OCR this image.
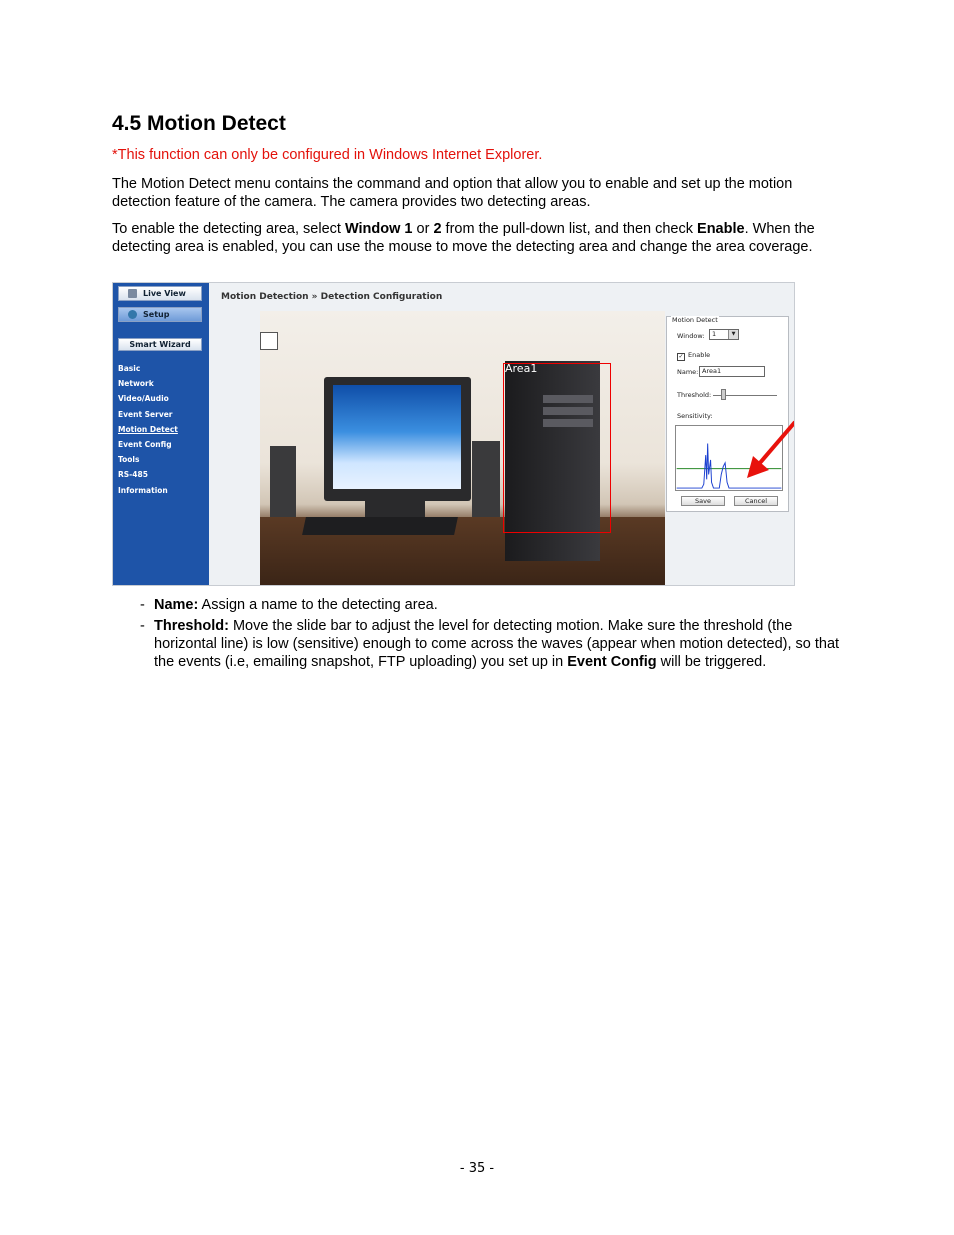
4.5 Motion Detect
*This function can only be configured in Windows Internet Explorer.
The Motion Detect menu contains the command and option that allow you to enable and set up the motion detection feature of the camera. The camera provides two detecting areas.
To enable the detecting area, select Window 1 or 2 from the pull-down list, and then check Enable. When the detecting area is enabled, you can use the mouse to move the detecting area and change the area coverage.
Live View
Setup
Smart Wizard
Basic
Network
Video/Audio
Event Server
Motion Detect
Event Config
Tools
RS-485
Information
Motion Detection » Detection Configuration
Area1
Motion Detect
Window:	1	▼
✓ Enable
Name: Area1
Threshold:
Sensitivity:
Save	Cancel
- Name: Assign a name to the detecting area.
- Threshold: Move the slide bar to adjust the level for detecting motion. Make sure the threshold (the horizontal line) is low (sensitive) enough to come across the waves (appear when motion detected), so that the events (i.e, emailing snapshot, FTP uploading) you set up in Event Config will be triggered.
- 35 -
